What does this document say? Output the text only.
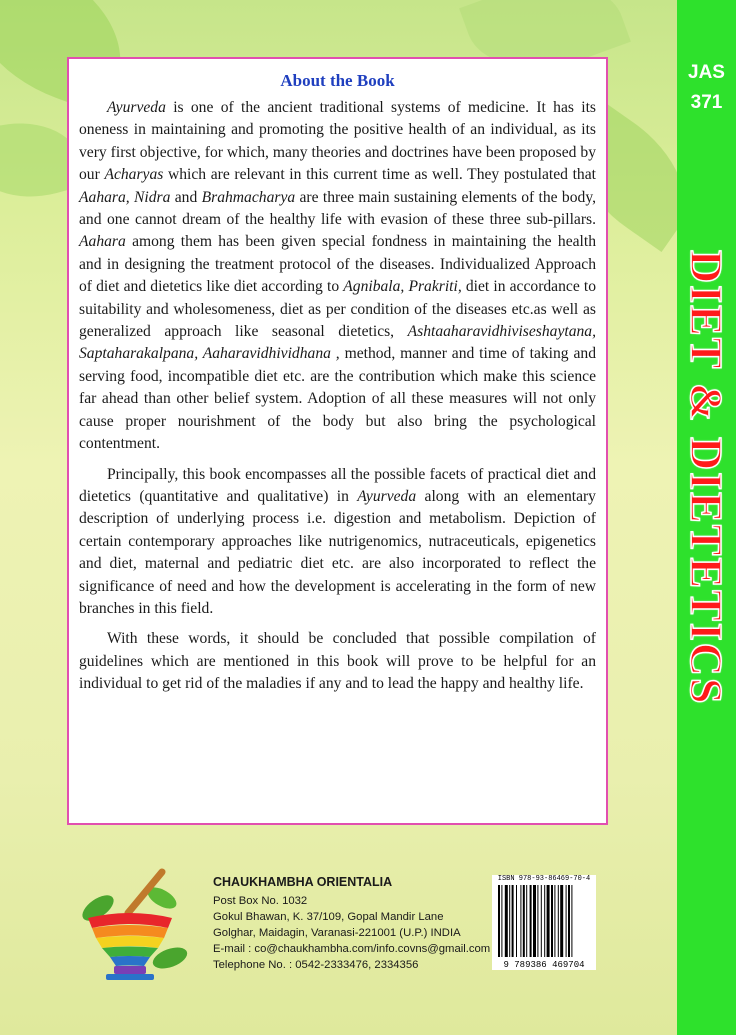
JAS
371
DIET & DIETETICS
About the Book

Ayurveda is one of the ancient traditional systems of medicine. It has its oneness in maintaining and promoting the positive health of an individual, as its very first objective, for which, many theories and doctrines have been proposed by our Acharyas which are relevant in this current time as well. They postulated that Aahara, Nidra and Brahmacharya are three main sustaining elements of the body, and one cannot dream of the healthy life with evasion of these three sub-pillars. Aahara among them has been given special fondness in maintaining the health and in designing the treatment protocol of the diseases. Individualized Approach of diet and dietetics like diet according to Agnibala, Prakriti, diet in accordance to suitability and wholesomeness, diet as per condition of the diseases etc.as well as generalized approach like seasonal dietetics, Ashtaaharavidhiviseshaytana, Saptaharakalpana, Aaharavidhividhana , method, manner and time of taking and serving food, incompatible diet etc. are the contribution which make this science far ahead than other belief system. Adoption of all these measures will not only cause proper nourishment of the body but also bring the psychological contentment.

Principally, this book encompasses all the possible facets of practical diet and dietetics (quantitative and qualitative) in Ayurveda along with an elementary description of underlying process i.e. digestion and metabolism. Depiction of certain contemporary approaches like nutrigenomics, nutraceuticals, epigenetics and diet, maternal and pediatric diet etc. are also incorporated to reflect the significance of need and how the development is accelerating in the form of new branches in this field.

With these words, it should be concluded that possible compilation of guidelines which are mentioned in this book will prove to be helpful for an individual to get rid of the maladies if any and to lead the happy and healthy life.

CHAUKHAMBHA ORIENTALIA
Post Box No. 1032
Gokul Bhawan, K. 37/109, Gopal Mandir Lane
Golghar, Maidagin, Varanasi-221001 (U.P.) INDIA
E-mail : co@chaukhambha.com/info.covns@gmail.com
Telephone No. : 0542-2333476, 2334356
ISBN 978-93-86469-70-4
9 789386 469704
